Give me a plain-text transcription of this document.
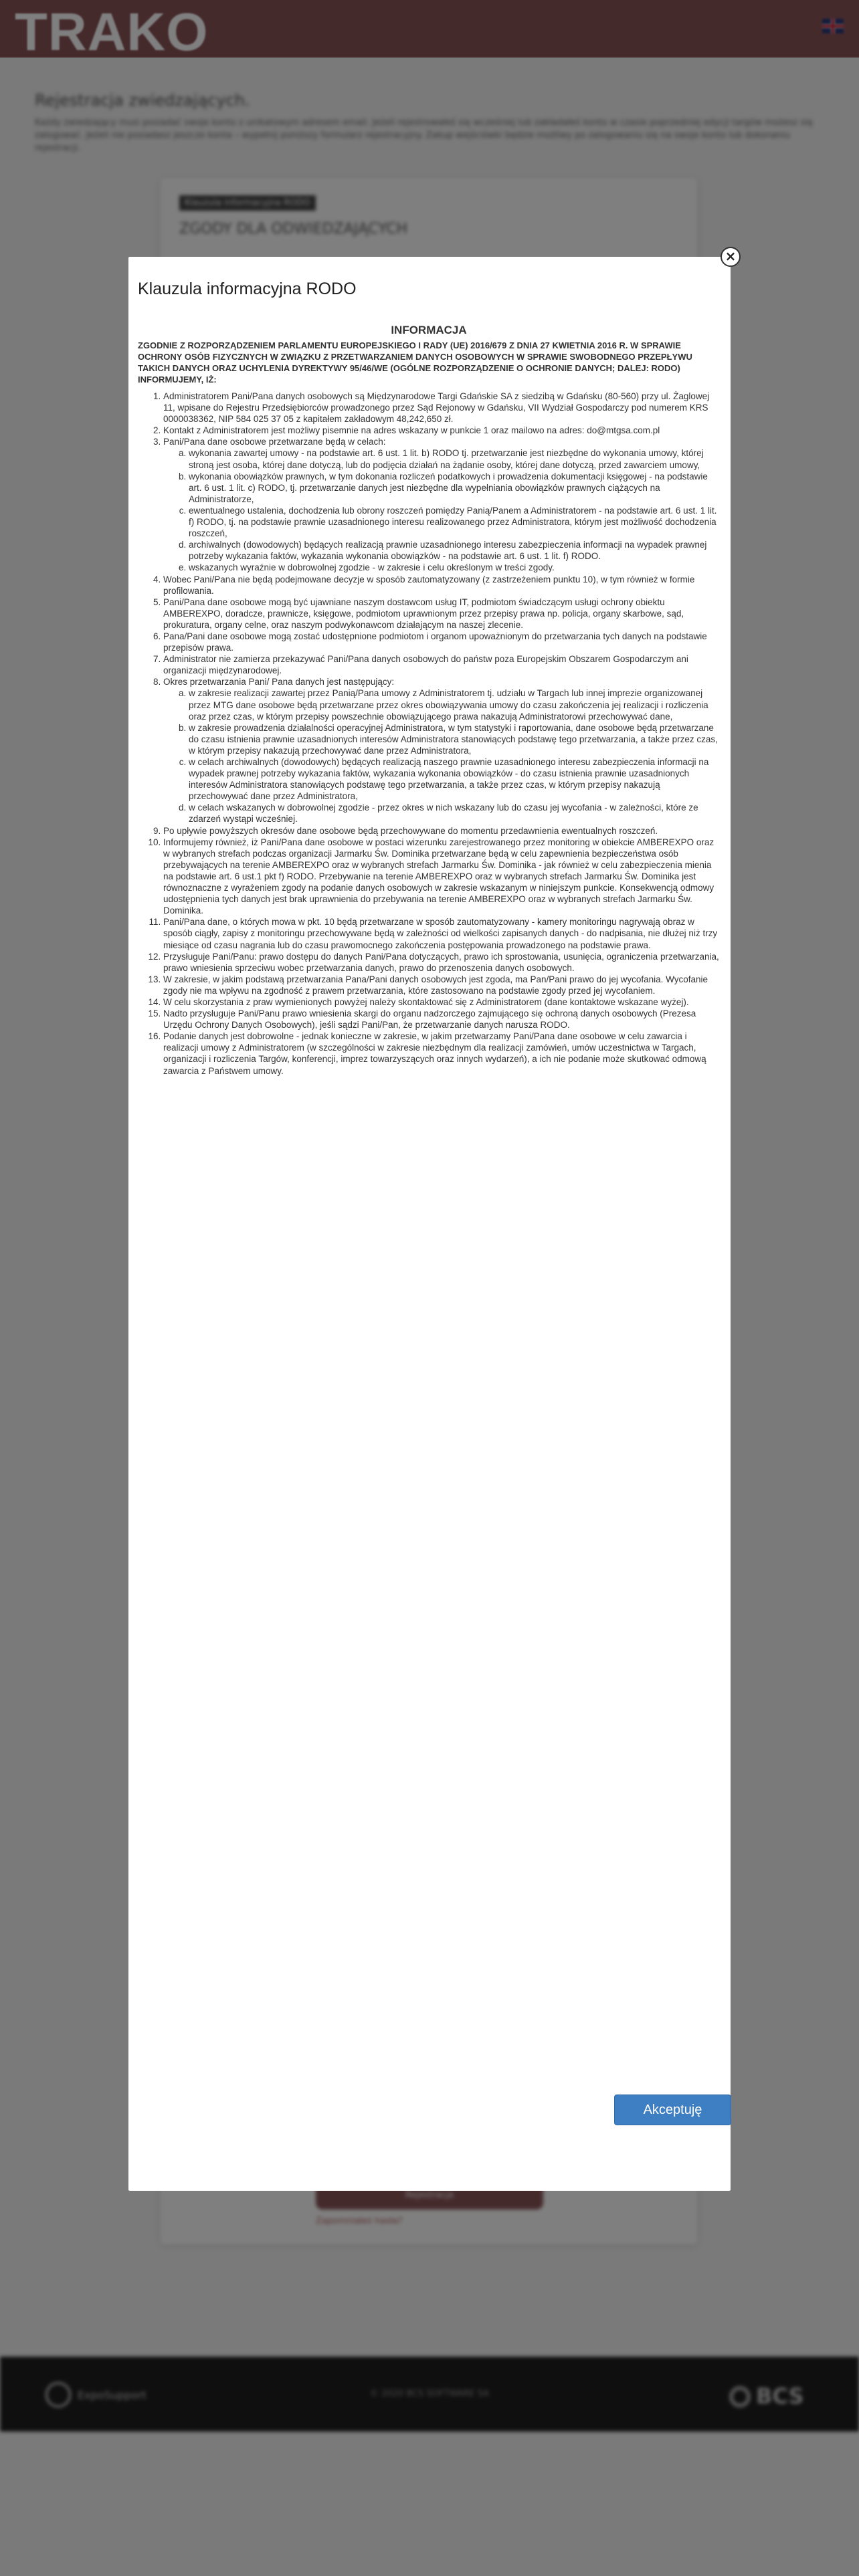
Klauzula informacyjna RODO
×
INFORMACJA
ZGODNIE Z ROZPORZĄDZENIEM PARLAMENTU EUROPEJSKIEGO I RADY (UE) 2016/679 Z DNIA 27 KWIETNIA 2016 R. W SPRAWIE OCHRONY OSÓB FIZYCZNYCH W ZWIĄZKU Z PRZETWARZANIEM DANYCH OSOBOWYCH W SPRAWIE SWOBODNEGO PRZEPŁYWU TAKICH DANYCH ORAZ UCHYLENIA DYREKTYWY 95/46/WE (OGÓLNE ROZPORZĄDZENIE O OCHRONIE DANYCH; DALEJ: RODO) INFORMUJEMY, IŻ:
1. Administratorem Pani/Pana danych osobowych są Międzynarodowe Targi Gdańskie SA z siedzibą w Gdańsku (80-560) przy ul. Żaglowej 11, wpisane do Rejestru Przedsiębiorców prowadzonego przez Sąd Rejonowy w Gdańsku, VII Wydział Gospodarczy pod numerem KRS 0000038362, NIP 584 025 37 05 z kapitałem zakładowym 48,242,650 zł.
2. Kontakt z Administratorem jest możliwy pisemnie na adres wskazany w punkcie 1 oraz mailowo na adres: do@mtgsa.com.pl
3. Pani/Pana dane osobowe przetwarzane będą w celach:
a. wykonania zawartej umowy - na podstawie art. 6 ust. 1 lit. b) RODO tj. przetwarzanie jest niezbędne do wykonania umowy, której stroną jest osoba, której dane dotyczą, lub do podjęcia działań na żądanie osoby, której dane dotyczą, przed zawarciem umowy,
b. wykonania obowiązków prawnych, w tym dokonania rozliczeń podatkowych i prowadzenia dokumentacji księgowej - na podstawie art. 6 ust. 1 lit. c) RODO, tj. przetwarzanie danych jest niezbędne dla wypełniania obowiązków prawnych ciążących na Administratorze,
c. ewentualnego ustalenia, dochodzenia lub obrony roszczeń pomiędzy Panią/Panem a Administratorem - na podstawie art. 6 ust. 1 lit. f) RODO, tj. na podstawie prawnie uzasadnionego interesu realizowanego przez Administratora, którym jest możliwość dochodzenia roszczeń,
d. archiwalnych (dowodowych) będących realizacją prawnie uzasadnionego interesu zabezpieczenia informacji na wypadek prawnej potrzeby wykazania faktów, wykazania wykonania obowiązków - na podstawie art. 6 ust. 1 lit. f) RODO.
e. wskazanych wyraźnie w dobrowolnej zgodzie - w zakresie i celu określonym w treści zgody.
4. Wobec Pani/Pana nie będą podejmowane decyzje w sposób zautomatyzowany (z zastrzeżeniem punktu 10), w tym również w formie profilowania.
5. Pani/Pana dane osobowe mogą być ujawniane naszym dostawcom usług IT, podmiotom świadczącym usługi ochrony obiektu AMBEREXPO, doradcze, prawnicze, księgowe, podmiotom uprawnionym przez przepisy prawa np. policja, organy skarbowe, sąd, prokuratura, organy celne, oraz naszym podwykonawcom działającym na naszej zlecenie.
6. Pana/Pani dane osobowe mogą zostać udostępnione podmiotom i organom upoważnionym do przetwarzania tych danych na podstawie przepisów prawa.
7. Administrator nie zamierza przekazywać Pani/Pana danych osobowych do państw poza Europejskim Obszarem Gospodarczym ani organizacji międzynarodowej.
8. Okres przetwarzania Pani/ Pana danych jest następujący:
a. w zakresie realizacji zawartej przez Panią/Pana umowy z Administratorem tj. udziału w Targach lub innej imprezie organizowanej przez MTG dane osobowe będą przetwarzane przez okres obowiązywania umowy do czasu zakończenia jej realizacji i rozliczenia oraz przez czas, w którym przepisy powszechnie obowiązującego prawa nakazują Administratorowi przechowywać dane,
b. w zakresie prowadzenia działalności operacyjnej Administratora, w tym statystyki i raportowania, dane osobowe będą przetwarzane do czasu istnienia prawnie uzasadnionych interesów Administratora stanowiących podstawę tego przetwarzania, a także przez czas, w którym przepisy nakazują przechowywać dane przez Administratora,
c. w celach archiwalnych (dowodowych) będących realizacją naszego prawnie uzasadnionego interesu zabezpieczenia informacji na wypadek prawnej potrzeby wykazania faktów, wykazania wykonania obowiązków - do czasu istnienia prawnie uzasadnionych interesów Administratora stanowiących podstawę tego przetwarzania, a także przez czas, w którym przepisy nakazują przechowywać dane przez Administratora,
d. w celach wskazanych w dobrowolnej zgodzie - przez okres w nich wskazany lub do czasu jej wycofania - w zależności, które ze zdarzeń wystąpi wcześniej.
9. Po upływie powyższych okresów dane osobowe będą przechowywane do momentu przedawnienia ewentualnych roszczeń.
10. Informujemy również, iż Pani/Pana dane osobowe w postaci wizerunku zarejestrowanego przez monitoring w obiekcie AMBEREXPO oraz w wybranych strefach podczas organizacji Jarmarku Św. Dominika przetwarzane będą w celu zapewnienia bezpieczeństwa osób przebywających na terenie AMBEREXPO oraz w wybranych strefach Jarmarku Św. Dominika - jak również w celu zabezpieczenia mienia na podstawie art. 6 ust.1 pkt f) RODO. Przebywanie na terenie AMBEREXPO oraz w wybranych strefach Jarmarku Św. Dominika jest równoznaczne z wyrażeniem zgody na podanie danych osobowych w zakresie wskazanym w niniejszym punkcie. Konsekwencją odmowy udostępnienia tych danych jest brak uprawnienia do przebywania na terenie AMBEREXPO oraz w wybranych strefach Jarmarku Św. Dominika.
11. Pani/Pana dane, o których mowa w pkt. 10 będą przetwarzane w sposób zautomatyzowany - kamery monitoringu nagrywają obraz w sposób ciągły, zapisy z monitoringu przechowywane będą w zależności od wielkości zapisanych danych - do nadpisania, nie dłużej niż trzy miesiące od czasu nagrania lub do czasu prawomocnego zakończenia postępowania prowadzonego na podstawie prawa.
12. Przysługuje Pani/Panu: prawo dostępu do danych Pani/Pana dotyczących, prawo ich sprostowania, usunięcia, ograniczenia przetwarzania, prawo wniesienia sprzeciwu wobec przetwarzania danych, prawo do przenoszenia danych osobowych.
13. W zakresie, w jakim podstawą przetwarzania Pana/Pani danych osobowych jest zgoda, ma Pan/Pani prawo do jej wycofania. Wycofanie zgody nie ma wpływu na zgodność z prawem przetwarzania, które zastosowano na podstawie zgody przed jej wycofaniem.
14. W celu skorzystania z praw wymienionych powyżej należy skontaktować się z Administratorem (dane kontaktowe wskazane wyżej).
15. Nadto przysługuje Pani/Panu prawo wniesienia skargi do organu nadzorczego zajmującego się ochroną danych osobowych (Prezesa Urzędu Ochrony Danych Osobowych), jeśli sądzi Pani/Pan, że przetwarzanie danych narusza RODO.
16. Podanie danych jest dobrowolne - jednak konieczne w zakresie, w jakim przetwarzamy Pani/Pana dane osobowe w celu zawarcia i realizacji umowy z Administratorem (w szczególności w zakresie niezbędnym dla realizacji zamówień, umów uczestnictwa w Targach, organizacji i rozliczenia Targów, konferencji, imprez towarzyszących oraz innych wydarzeń), a ich nie podanie może skutkować odmową zawarcia z Państwem umowy.
Akceptuję
